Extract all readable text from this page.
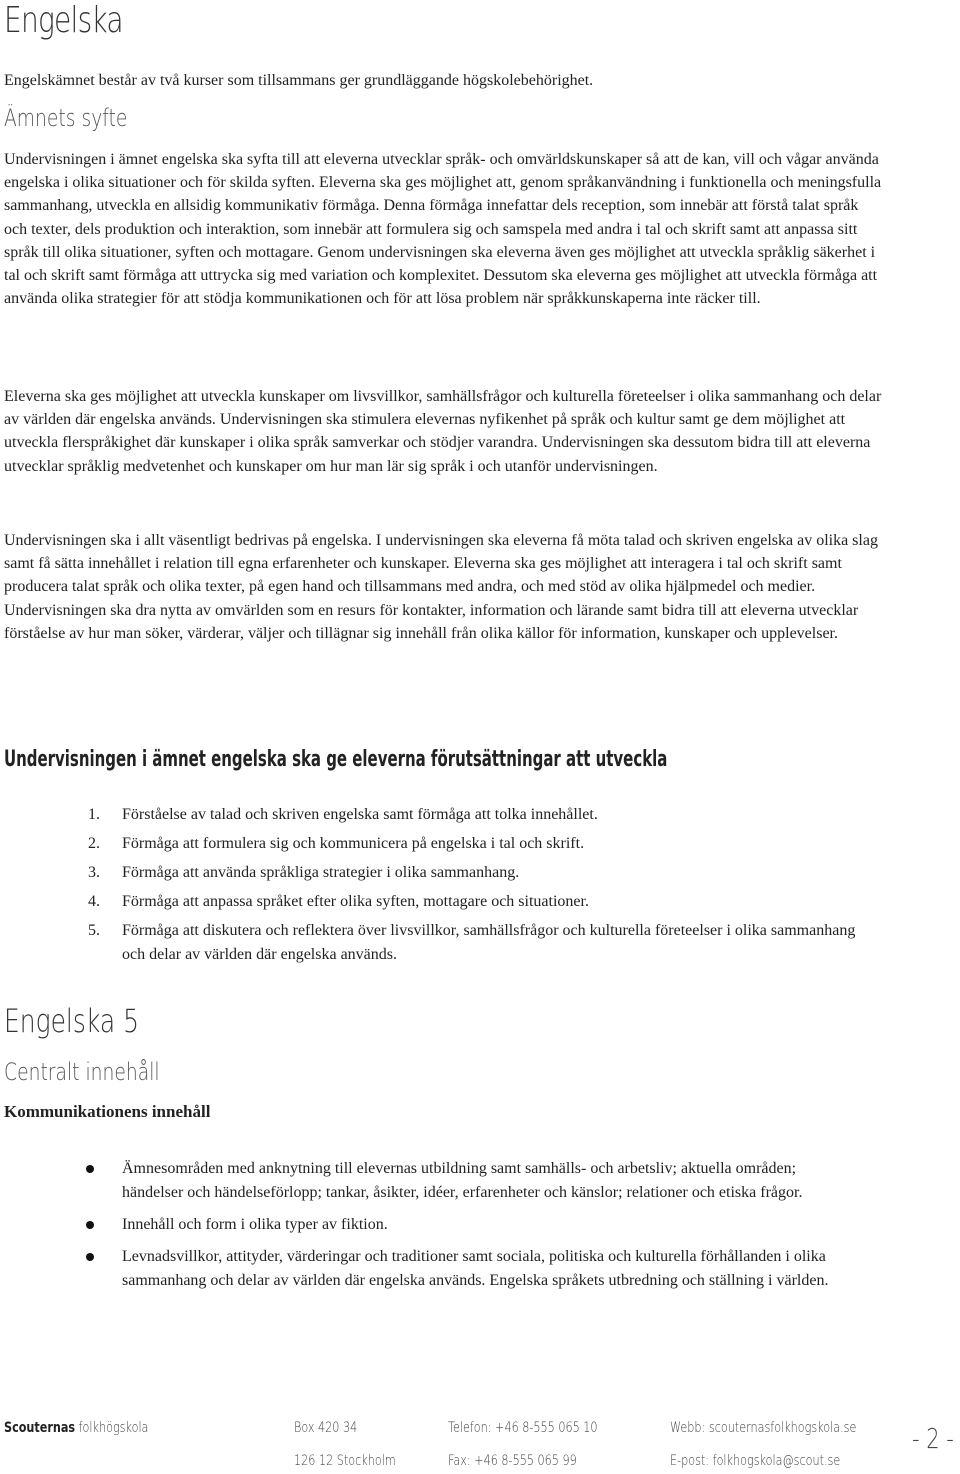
Engelska

Engelskämnet består av två kurser som tillsammans ger grundläggande högskolebehörighet.

Ämnets syfte

Undervisningen i ämnet engelska ska syfta till att eleverna utvecklar språk- och omvärldskunskaper så att de kan, vill och vågar använda engelska i olika situationer och för skilda syften. Eleverna ska ges möjlighet att, genom språkanvändning i funktionella och meningsfulla sammanhang, utveckla en allsidig kommunikativ förmåga. Denna förmåga innefattar dels reception, som innebär att förstå talat språk och texter, dels produktion och interaktion, som innebär att formulera sig och samspela med andra i tal och skrift samt att anpassa sitt språk till olika situationer, syften och mottagare. Genom undervisningen ska eleverna även ges möjlighet att utveckla språklig säkerhet i tal och skrift samt förmåga att uttrycka sig med variation och komplexitet. Dessutom ska eleverna ges möjlighet att utveckla förmåga att använda olika strategier för att stödja kommunikationen och för att lösa problem när språkkunskaperna inte räcker till.

Eleverna ska ges möjlighet att utveckla kunskaper om livsvillkor, samhällsfrågor och kulturella företeelser i olika sammanhang och delar av världen där engelska används. Undervisningen ska stimulera elevernas nyfikenhet på språk och kultur samt ge dem möjlighet att utveckla flerspråkighet där kunskaper i olika språk samverkar och stödjer varandra. Undervisningen ska dessutom bidra till att eleverna utvecklar språklig medvetenhet och kunskaper om hur man lär sig språk i och utanför undervisningen.

Undervisningen ska i allt väsentligt bedrivas på engelska. I undervisningen ska eleverna få möta talad och skriven engelska av olika slag samt få sätta innehållet i relation till egna erfarenheter och kunskaper. Eleverna ska ges möjlighet att interagera i tal och skrift samt producera talat språk och olika texter, på egen hand och tillsammans med andra, och med stöd av olika hjälpmedel och medier. Undervisningen ska dra nytta av omvärlden som en resurs för kontakter, information och lärande samt bidra till att eleverna utvecklar förståelse av hur man söker, värderar, väljer och tillägnar sig innehåll från olika källor för information, kunskaper och upplevelser.

Undervisningen i ämnet engelska ska ge eleverna förutsättningar att utveckla
1. Förståelse av talad och skriven engelska samt förmåga att tolka innehållet.
2. Förmåga att formulera sig och kommunicera på engelska i tal och skrift.
3. Förmåga att använda språkliga strategier i olika sammanhang.
4. Förmåga att anpassa språket efter olika syften, mottagare och situationer.
5. Förmåga att diskutera och reflektera över livsvillkor, samhällsfrågor och kulturella företeelser i olika sammanhang och delar av världen där engelska används.
Engelska 5
Centralt innehåll
Kommunikationens innehåll
Ämnesområden med anknytning till elevernas utbildning samt samhälls- och arbetsliv; aktuella områden; händelser och händelseförlopp; tankar, åsikter, idéer, erfarenheter och känslor; relationer och etiska frågor.
Innehåll och form i olika typer av fiktion.
Levnadsvillkor, attityder, värderingar och traditioner samt sociala, politiska och kulturella förhållanden i olika sammanhang och delar av världen där engelska används. Engelska språkets utbredning och ställning i världen.
Scouternas folkhögskola	Box 420 34
126 12 Stockholm
Telefon: +46 8-555 065 10
Fax: +46 8-555 065 99
Webb: scouternasfolkhogskola.se
E-post: folkhogskola@scout.se
- 2 -
